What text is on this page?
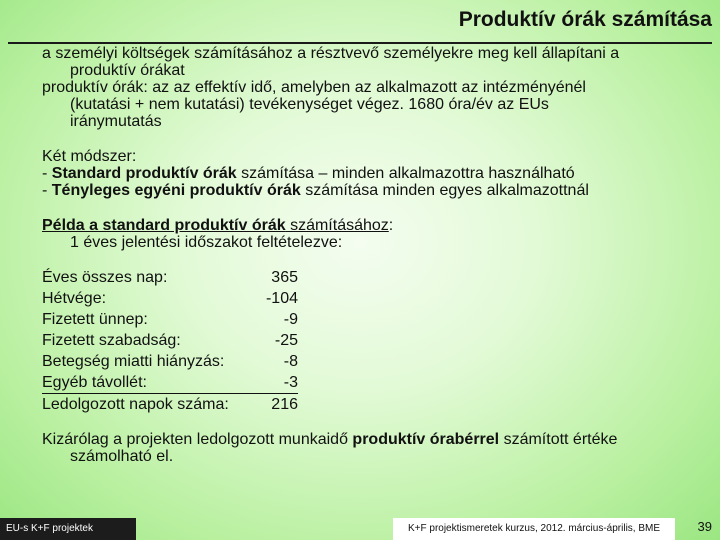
Produktív órák számítása

a személyi költségek számításához a résztvevő személyekre meg kell állapítani a
produktív órákat

produktív órák: az az effektív idő, amelyben az alkalmazott az intézményénél
(kutatási + nem kutatási) tevékenységet végez. 1680 óra/év az EUs
iránymutatás

Két módszer:

- Standard produktív órák számítása – minden alkalmazottra használható

- Tényleges egyéni produktív órák számítása minden egyes alkalmazottnál

Példa a standard produktív órák számításához:

1 éves jelentési időszakot feltételezve:

Éves összes nap:	365
Hétvége:	-104
Fizetett ünnep:	-9
Fizetett szabadság:	-25
Betegség miatti hiányzás:	-8
Egyéb távollét:	-3
Ledolgozott napok száma:	216

Kizárólag a projekten ledolgozott munkaidő produktív órabérrel számított értéke
számolható el.

EU-s K+F projektek	K+F projektismeretek kurzus, 2012. március-április, BME	39
